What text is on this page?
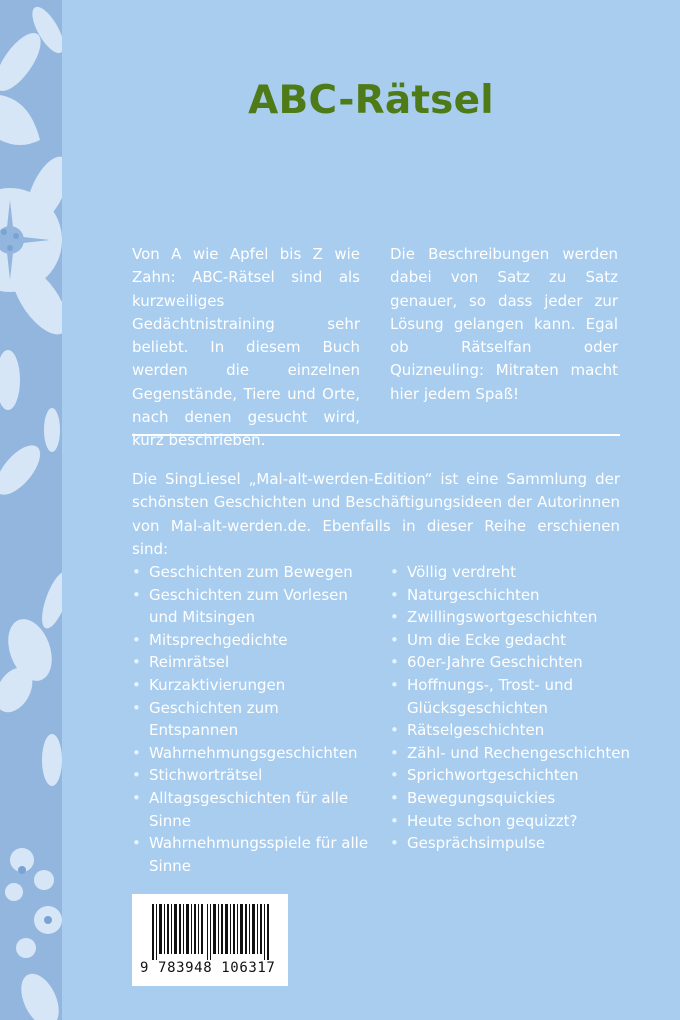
ABC-Rätsel
Von A wie Apfel bis Z wie Zahn: ABC-Rätsel sind als kurzweiliges Gedächtnistraining sehr beliebt. In diesem Buch werden die einzelnen Gegenstände, Tiere und Orte, nach denen gesucht wird, kurz beschrieben.
Die Beschreibungen werden dabei von Satz zu Satz genauer, so dass jeder zur Lösung gelangen kann. Egal ob Rätselfan oder Quizneuling: Mitraten macht hier jedem Spaß!
Die SingLiesel „Mal-alt-werden-Edition“ ist eine Sammlung der schönsten Geschichten und Beschäftigungsideen der Autorinnen von Mal-alt-werden.de. Ebenfalls in dieser Reihe erschienen sind:
• Geschichten zum Bewegen
• Geschichten zum Vorlesen und Mitsingen
• Mitsprechgedichte
• Reimrätsel
• Kurzaktivierungen
• Geschichten zum Entspannen
• Wahrnehmungsgeschichten
• Stichworträtsel
• Alltagsgeschichten für alle Sinne
• Wahrnehmungsspiele für alle Sinne
• Völlig verdreht
• Naturgeschichten
• Zwillingswortgeschichten
• Um die Ecke gedacht
• 60er-Jahre Geschichten
• Hoffnungs-, Trost- und Glücksgeschichten
• Rätselgeschichten
• Zähl- und Rechengeschichten
• Sprichwortgeschichten
• Bewegungsquickies
• Heute schon gequizzt?
• Gesprächsimpulse
9 783948 106317
